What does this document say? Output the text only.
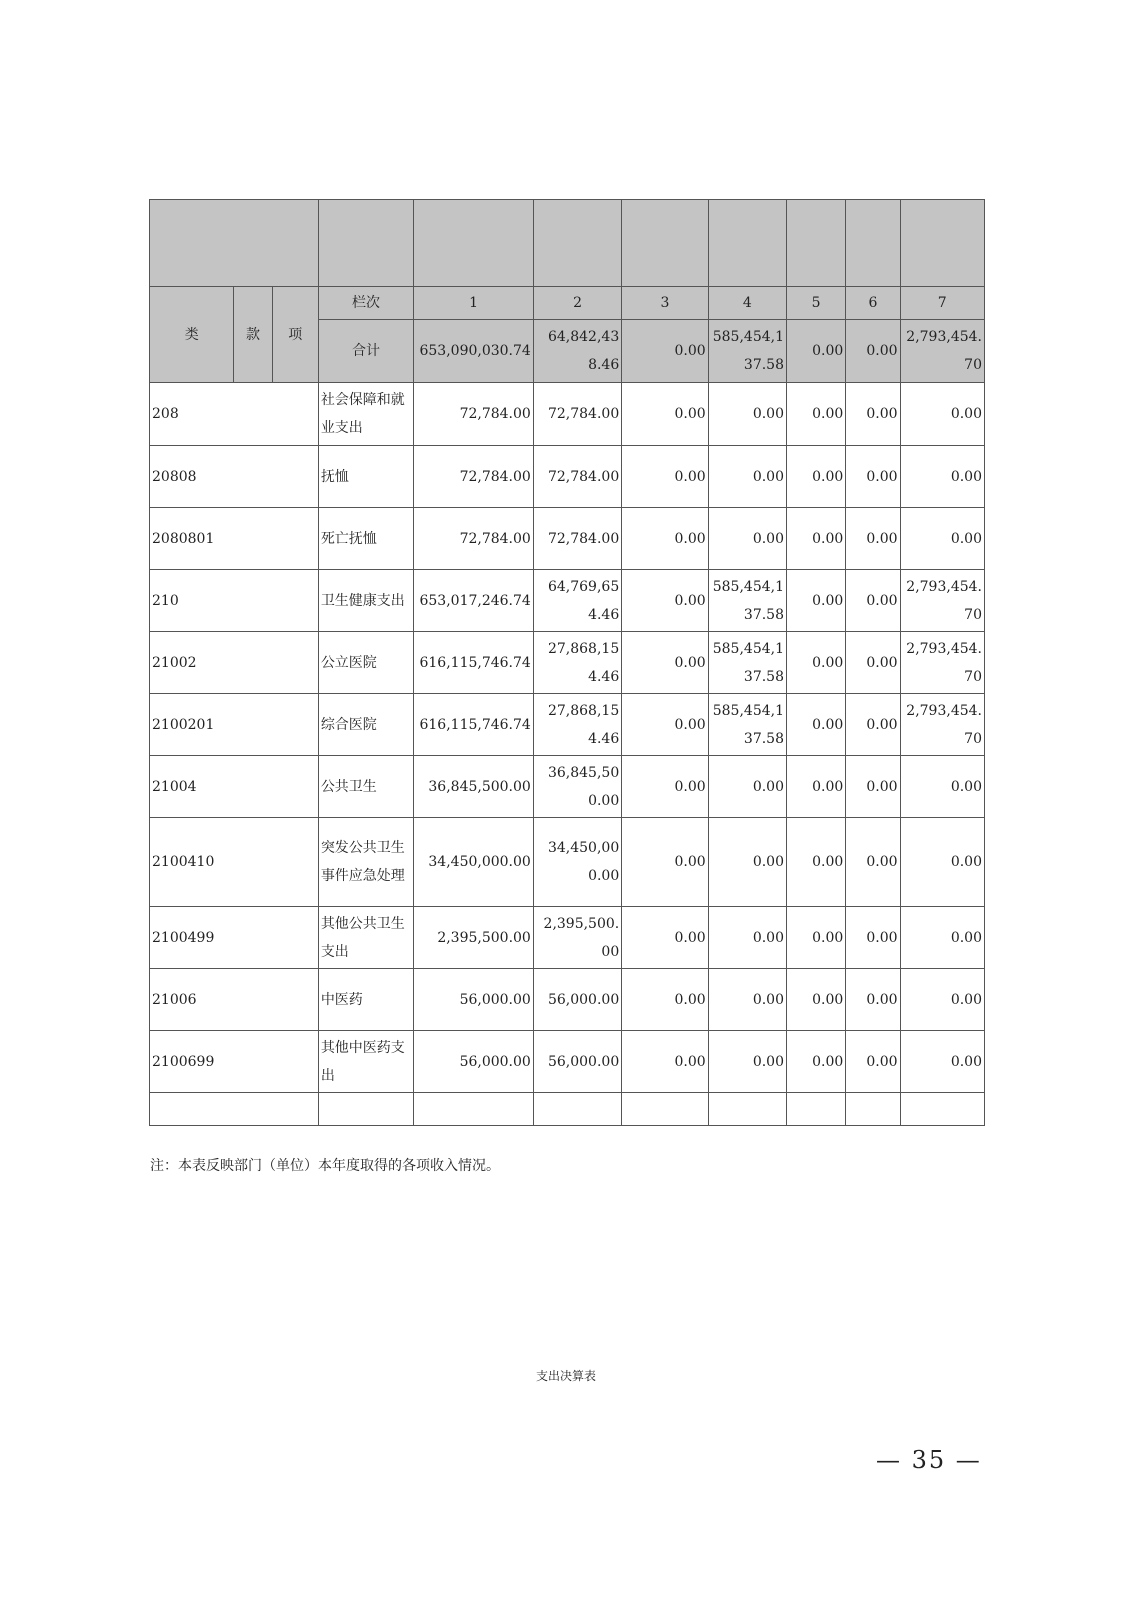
类	款	项	栏次	1	2	3	4	5	6	7
			合计	653,090,030.74	64,842,438.46	0.00	585,454,137.58	0.00	0.00	2,793,454.70
208			社会保障和就业支出	72,784.00	72,784.00	0.00	0.00	0.00	0.00	0.00
20808			抚恤	72,784.00	72,784.00	0.00	0.00	0.00	0.00	0.00
2080801			死亡抚恤	72,784.00	72,784.00	0.00	0.00	0.00	0.00	0.00
210			卫生健康支出	653,017,246.74	64,769,654.46	0.00	585,454,137.58	0.00	0.00	2,793,454.70
21002			公立医院	616,115,746.74	27,868,154.46	0.00	585,454,137.58	0.00	0.00	2,793,454.70
2100201			综合医院	616,115,746.74	27,868,154.46	0.00	585,454,137.58	0.00	0.00	2,793,454.70
21004			公共卫生	36,845,500.00	36,845,500.00	0.00	0.00	0.00	0.00	0.00
2100410			突发公共卫生事件应急处理	34,450,000.00	34,450,000.00	0.00	0.00	0.00	0.00	0.00
2100499			其他公共卫生支出	2,395,500.00	2,395,500.00	0.00	0.00	0.00	0.00	0.00
21006			中医药	56,000.00	56,000.00	0.00	0.00	0.00	0.00	0.00
2100699			其他中医药支出	56,000.00	56,000.00	0.00	0.00	0.00	0.00	0.00

注：本表反映部门（单位）本年度取得的各项收入情况。
支出决算表
— 35 —
